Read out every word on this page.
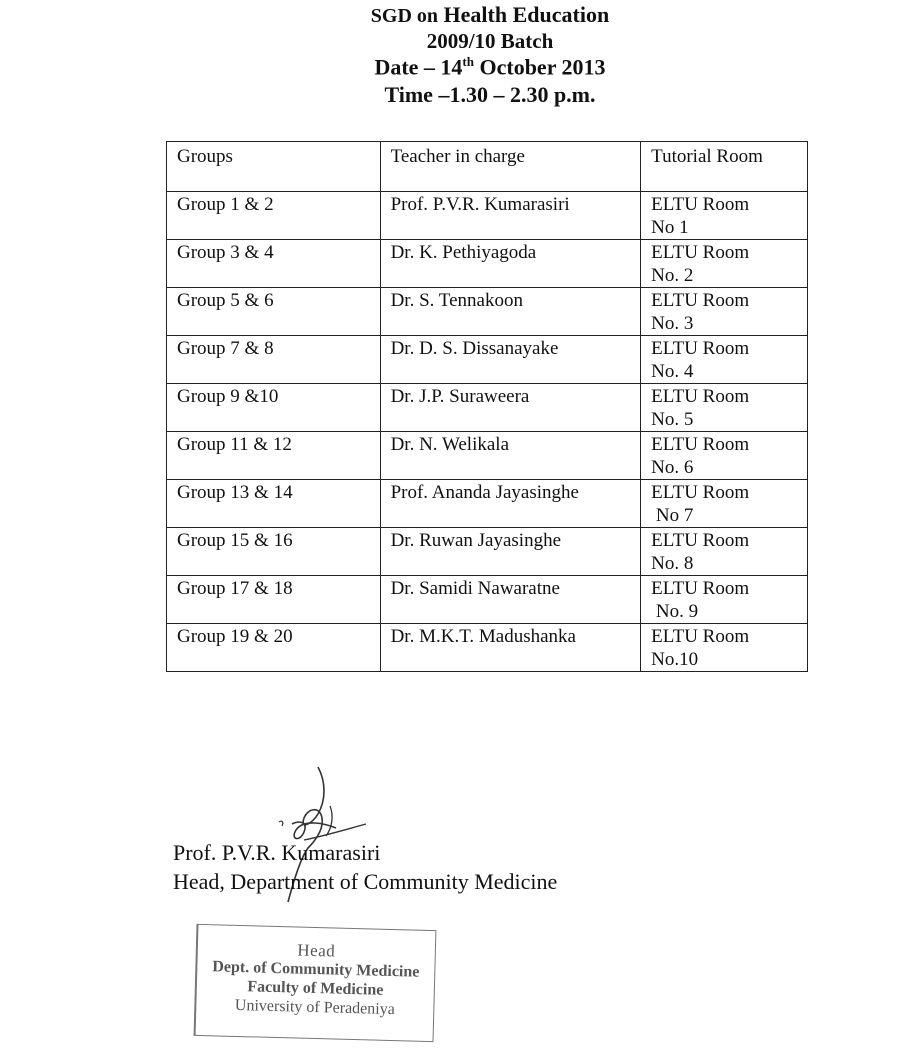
SGD on Health Education
2009/10 Batch
Date – 14th October 2013
Time –1.30 – 2.30 p.m.
Groups	Teacher in charge	Tutorial Room
Group 1 & 2	Prof. P.V.R. Kumarasiri	ELTU Room
No 1

Group 3 & 4	Dr. K. Pethiyagoda	ELTU Room
No. 2

Group 5 & 6	Dr. S. Tennakoon	ELTU Room
No. 3

Group 7 & 8	Dr. D. S. Dissanayake	ELTU Room
No. 4

Group 9 &10	Dr. J.P. Suraweera	ELTU Room
No. 5

Group 11 & 12	Dr. N. Welikala	ELTU Room
No. 6

Group 13 & 14	Prof. Ananda Jayasinghe	ELTU Room
No 7

Group 15 & 16	Dr. Ruwan Jayasinghe	ELTU Room
No. 8

Group 17 & 18	Dr. Samidi Nawaratne	ELTU Room
No. 9

Group 19 & 20	Dr. M.K.T. Madushanka	ELTU Room
No.10
Prof. P.V.R. Kumarasiri
Head, Department of Community Medicine
Head
Dept. of Community Medicine
Faculty of Medicine
University of Peradeniya
